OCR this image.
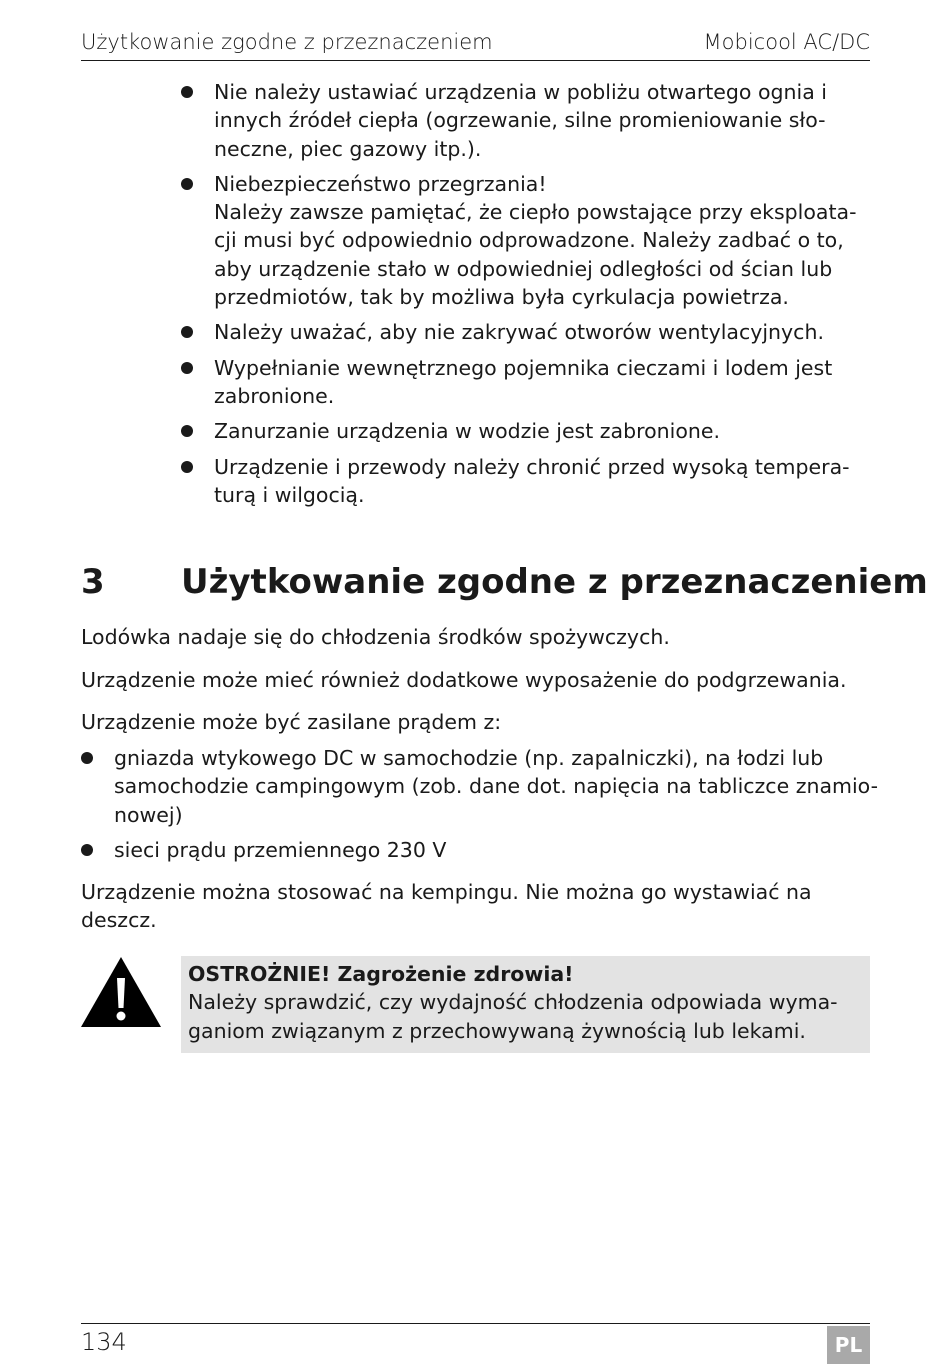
Użytkowanie zgodne z przeznaczeniem	Mobicool AC/DC
Nie należy ustawiać urządzenia w pobliżu otwartego ognia i
innych źródeł ciepła (ogrzewanie, silne promieniowanie sło-
neczne, piec gazowy itp.).
Niebezpieczeństwo przegrzania!
Należy zawsze pamiętać, że ciepło powstające przy eksploata-
cji musi być odpowiednio odprowadzone. Należy zadbać o to,
aby urządzenie stało w odpowiedniej odległości od ścian lub
przedmiotów, tak by możliwa była cyrkulacja powietrza.
Należy uważać, aby nie zakrywać otworów wentylacyjnych.
Wypełnianie wewnętrznego pojemnika cieczami i lodem jest
zabronione.
Zanurzanie urządzenia w wodzie jest zabronione.
Urządzenie i przewody należy chronić przed wysoką tempera-
turą i wilgocią.
3 Użytkowanie zgodne z przeznaczeniem
Lodówka nadaje się do chłodzenia środków spożywczych.
Urządzenie może mieć również dodatkowe wyposażenie do podgrzewania.
Urządzenie może być zasilane prądem z:
gniazda wtykowego DC w samochodzie (np. zapalniczki), na łodzi lub
samochodzie campingowym (zob. dane dot. napięcia na tabliczce znamio-
nowej)
sieci prądu przemiennego 230 V
Urządzenie można stosować na kempingu. Nie można go wystawiać na
deszcz.
OSTROŻNIE! Zagrożenie zdrowia!
Należy sprawdzić, czy wydajność chłodzenia odpowiada wyma-
ganiom związanym z przechowywaną żywnością lub lekami.
134	PL
